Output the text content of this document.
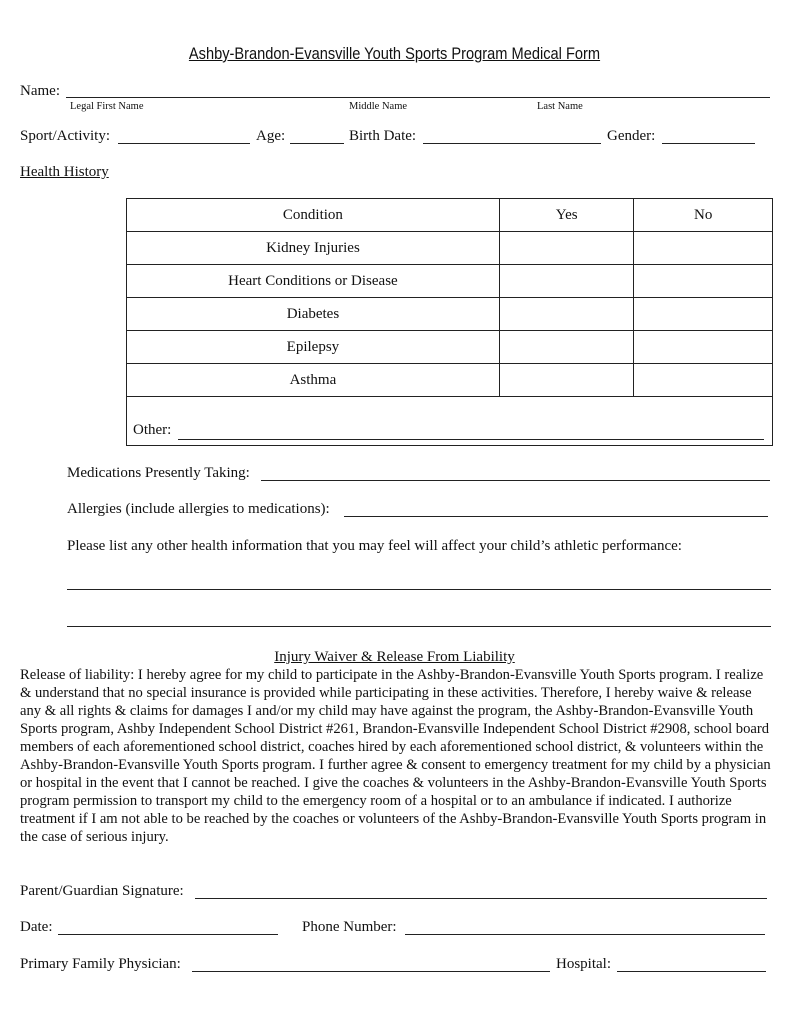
Ashby-Brandon-Evansville Youth Sports Program Medical Form
Name:
Legal First Name	Middle Name	Last Name
Sport/Activity:	Age:	Birth Date:	Gender:
Health History
Condition	Yes	No
Kidney Injuries		
Heart Conditions or Disease		
Diabetes		
Epilepsy		
Asthma		

Other:		
Medications Presently Taking:
Allergies (include allergies to medications):
Please list any other health information that you may feel will affect your child’s athletic performance:
Injury Waiver & Release From Liability
Release of liability: I hereby agree for my child to participate in the Ashby-Brandon-Evansville Youth Sports program. I realize & understand that no special insurance is provided while participating in these activities. Therefore, I hereby waive & release any & all rights & claims for damages I and/or my child may have against the program, the Ashby-Brandon-Evansville Youth Sports program, Ashby Independent School District #261, Brandon-Evansville Independent School District #2908, school board members of each aforementioned school district, coaches hired by each aforementioned school district, & volunteers within the Ashby-Brandon-Evansville Youth Sports program. I further agree & consent to emergency treatment for my child by a physician or hospital in the event that I cannot be reached. I give the coaches & volunteers in the Ashby-Brandon-Evansville Youth Sports program permission to transport my child to the emergency room of a hospital or to an ambulance if indicated. I authorize treatment if I am not able to be reached by the coaches or volunteers of the Ashby-Brandon-Evansville Youth Sports program in the case of serious injury.
Parent/Guardian Signature:
Date:	Phone Number:
Primary Family Physician:	Hospital:
